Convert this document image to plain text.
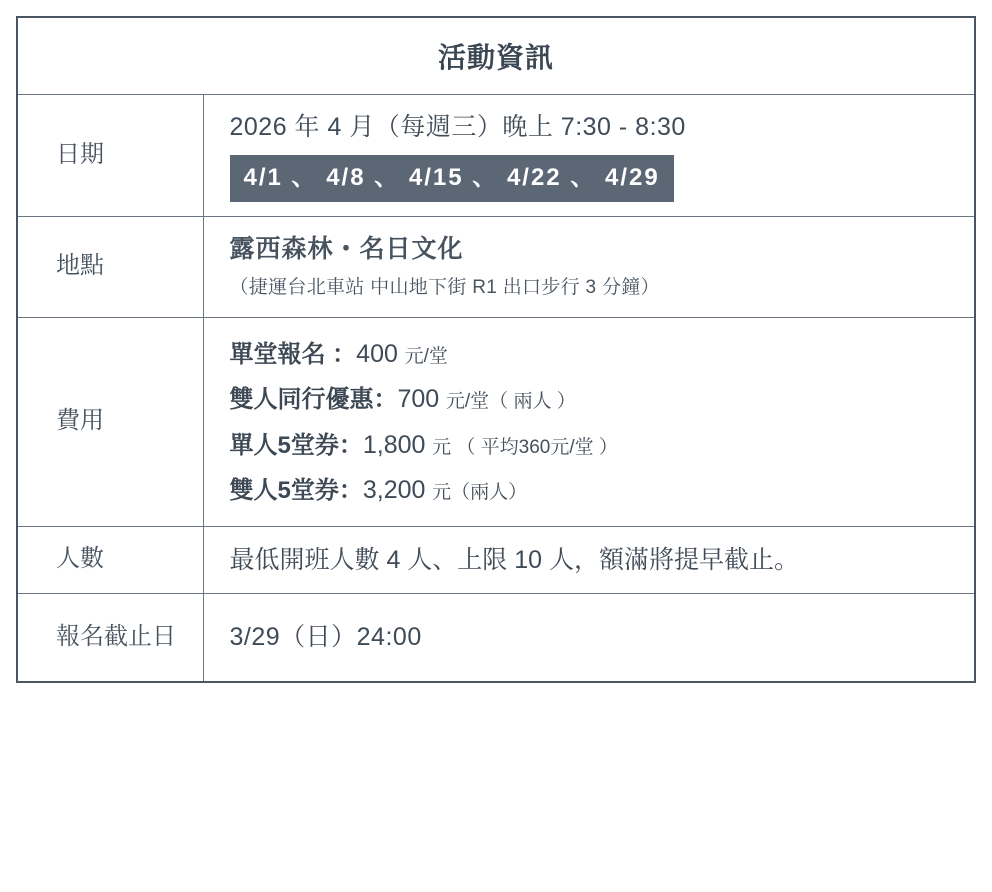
活動資訊	
日期	2026 年 4 月（每週三）晚上 7:30 - 8:30
4/1 、 4/8 、 4/15 、 4/22 、 4/29
地點	露西森林・名日文化
（捷運台北車站 中山地下街 R1 出口步行 3 分鐘）

費用	單堂報名 ：400 元/堂
雙人同行優惠：700 元/堂（ 兩人 ）
單人5堂券：1,800 元 （ 平均360元/堂 ）
雙人5堂券：3,200 元（兩人）

人數	最低開班人數 4 人、上限 10 人，額滿將提早截止。

報名截止日	3/29（日）24:00
